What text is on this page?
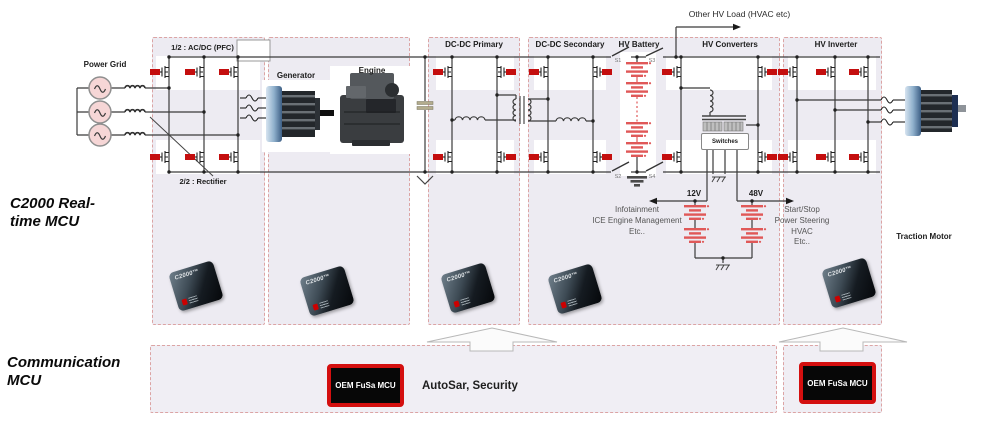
Power Grid
1/2 : AC/DC (PFC)
2/2 : Rectifier
Generator
Engine
DC-DC Primary	DC-DC Secondary	HV Battery	HV Converters	HV Inverter
Other HV Load (HVAC etc)
12V	48V
S1	S3
S2	S4
Traction Motor
Infotainment
ICE Engine Management
Etc..
Start/Stop
Power Steering
HVAC
Etc..
Switches
C2000 Real-
time MCU
Communication
MCU
C2000™	C2000™	C2000™	C2000™	C2000™
OEM FuSa MCU	OEM FuSa MCU
AutoSar, Security
